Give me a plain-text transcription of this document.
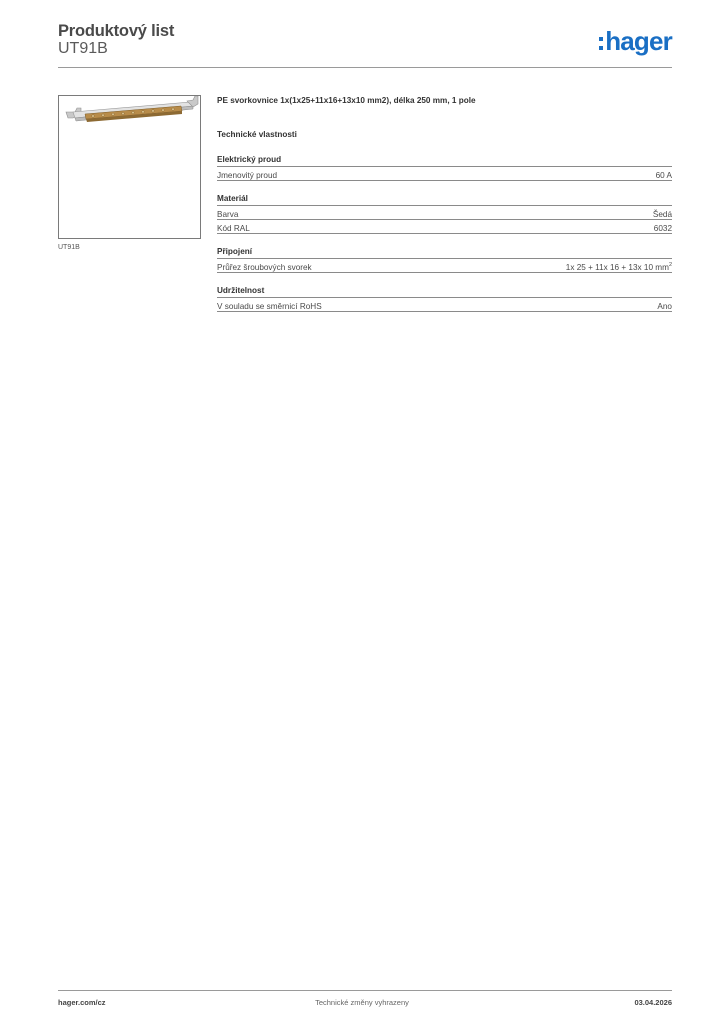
Produktový list
UT91B	hager
UT91B
PE svorkovnice 1x(1x25+11x16+13x10 mm2), délka 250 mm, 1 pole
Technické vlastnosti
Elektrický proud
Jmenovitý proud	60 A
Materiál
Barva	Šedá
Kód RAL	6032
Připojení
Průřez šroubových svorek	1x 25 + 11x 16 + 13x 10 $mm^2$
Udržitelnost
V souladu se směrnicí RoHS	Ano
hager.com/cz	Technické změny vyhrazeny	03.04.2026
